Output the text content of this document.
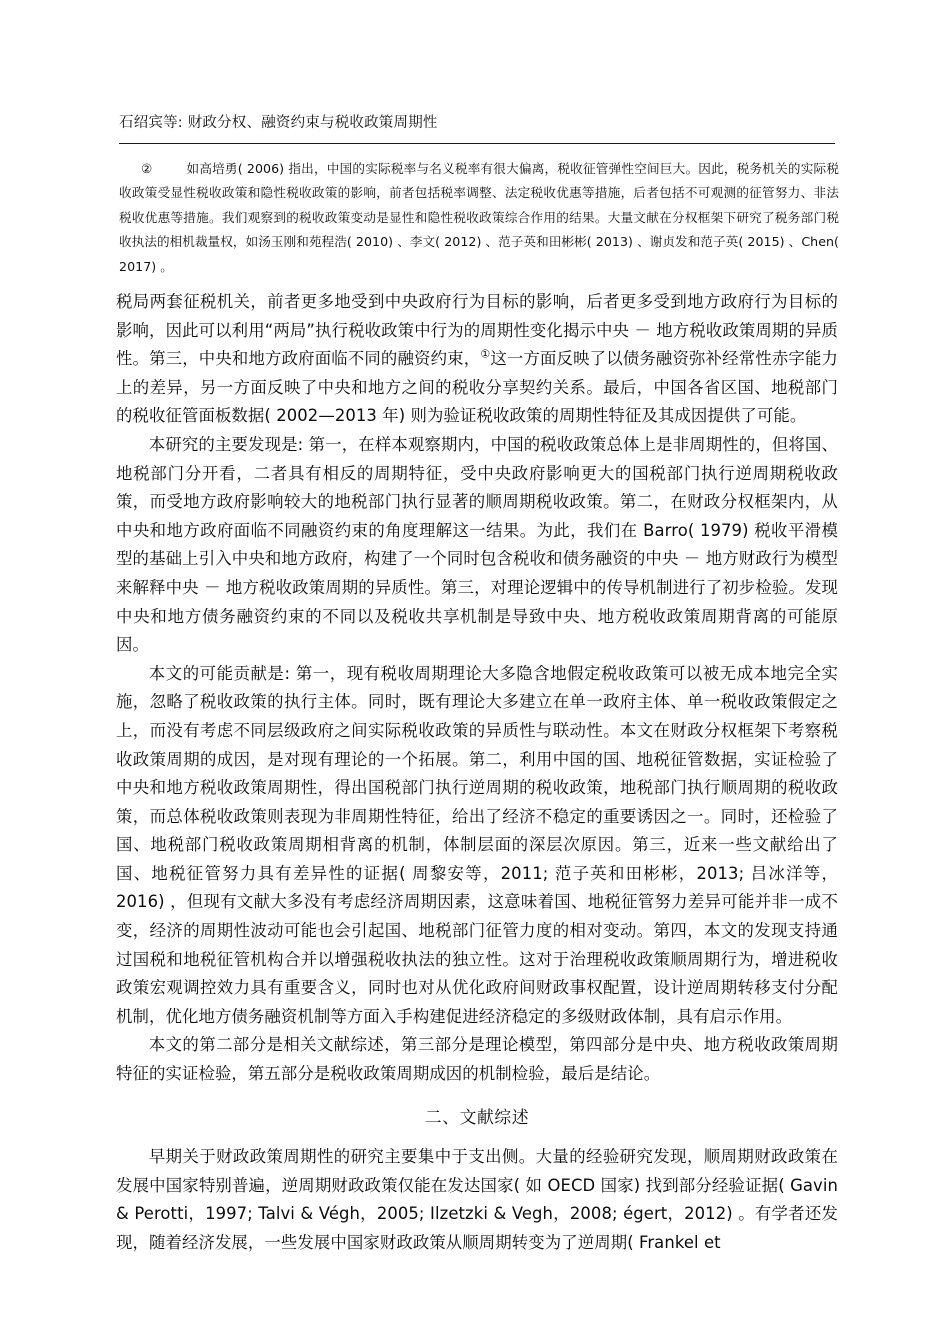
石绍宾等: 财政分权、融资约束与税收政策周期性
②	如高培勇( 2006) 指出，中国的实际税率与名义税率有很大偏离，税收征管弹性空间巨大。因此，税务机关的实际税收政策受显性税收政策和隐性税收政策的影响，前者包括税率调整、法定税收优惠等措施，后者包括不可观测的征管努力、非法税收优惠等措施。我们观察到的税收政策变动是显性和隐性税收政策综合作用的结果。大量文献在分权框架下研究了税务部门税收执法的相机裁量权，如汤玉刚和苑程浩( 2010) 、李文( 2012) 、范子英和田彬彬( 2013) 、谢贞发和范子英( 2015) 、Chen( 2017) 。

税局两套征税机关，前者更多地受到中央政府行为目标的影响，后者更多受到地方政府行为目标的影响，因此可以利用“两局”执行税收政策中行为的周期性变化揭示中央 － 地方税收政策周期的异质性。第三，中央和地方政府面临不同的融资约束，①这一方面反映了以债务融资弥补经常性赤字能力上的差异，另一方面反映了中央和地方之间的税收分享契约关系。最后，中国各省区国、地税部门的税收征管面板数据( 2002—2013 年) 则为验证税收政策的周期性特征及其成因提供了可能。

本研究的主要发现是: 第一，在样本观察期内，中国的税收政策总体上是非周期性的，但将国、地税部门分开看，二者具有相反的周期特征，受中央政府影响更大的国税部门执行逆周期税收政策，而受地方政府影响较大的地税部门执行显著的顺周期税收政策。第二，在财政分权框架内，从中央和地方政府面临不同融资约束的角度理解这一结果。为此，我们在 Barro( 1979) 税收平滑模型的基础上引入中央和地方政府，构建了一个同时包含税收和债务融资的中央 － 地方财政行为模型来解释中央 － 地方税收政策周期的异质性。第三，对理论逻辑中的传导机制进行了初步检验。发现中央和地方债务融资约束的不同以及税收共享机制是导致中央、地方税收政策周期背离的可能原因。

本文的可能贡献是: 第一，现有税收周期理论大多隐含地假定税收政策可以被无成本地完全实施，忽略了税收政策的执行主体。同时，既有理论大多建立在单一政府主体、单一税收政策假定之上，而没有考虑不同层级政府之间实际税收政策的异质性与联动性。本文在财政分权框架下考察税收政策周期的成因，是对现有理论的一个拓展。第二，利用中国的国、地税征管数据，实证检验了中央和地方税收政策周期性，得出国税部门执行逆周期的税收政策，地税部门执行顺周期的税收政策，而总体税收政策则表现为非周期性特征，给出了经济不稳定的重要诱因之一。同时，还检验了国、地税部门税收政策周期相背离的机制，体制层面的深层次原因。第三，近来一些文献给出了国、地税征管努力具有差异性的证据( 周黎安等，2011; 范子英和田彬彬，2013; 吕冰洋等，2016) ，但现有文献大多没有考虑经济周期因素，这意味着国、地税征管努力差异可能并非一成不变，经济的周期性波动可能也会引起国、地税部门征管力度的相对变动。第四，本文的发现支持通过国税和地税征管机构合并以增强税收执法的独立性。这对于治理税收政策顺周期行为，增进税收政策宏观调控效力具有重要含义，同时也对从优化政府间财政事权配置，设计逆周期转移支付分配机制，优化地方债务融资机制等方面入手构建促进经济稳定的多级财政体制，具有启示作用。

本文的第二部分是相关文献综述，第三部分是理论模型，第四部分是中央、地方税收政策周期特征的实证检验，第五部分是税收政策周期成因的机制检验，最后是结论。

二、文献综述

早期关于财政政策周期性的研究主要集中于支出侧。大量的经验研究发现，顺周期财政政策在发展中国家特别普遍，逆周期财政政策仅能在发达国家( 如 OECD 国家) 找到部分经验证据( Gavin & Perotti，1997; Talvi & Végh，2005; Ilzetzki & Vegh，2008; égert，2012) 。有学者还发现，随着经济发展，一些发展中国家财政政策从顺周期转变为了逆周期( Frankel et
